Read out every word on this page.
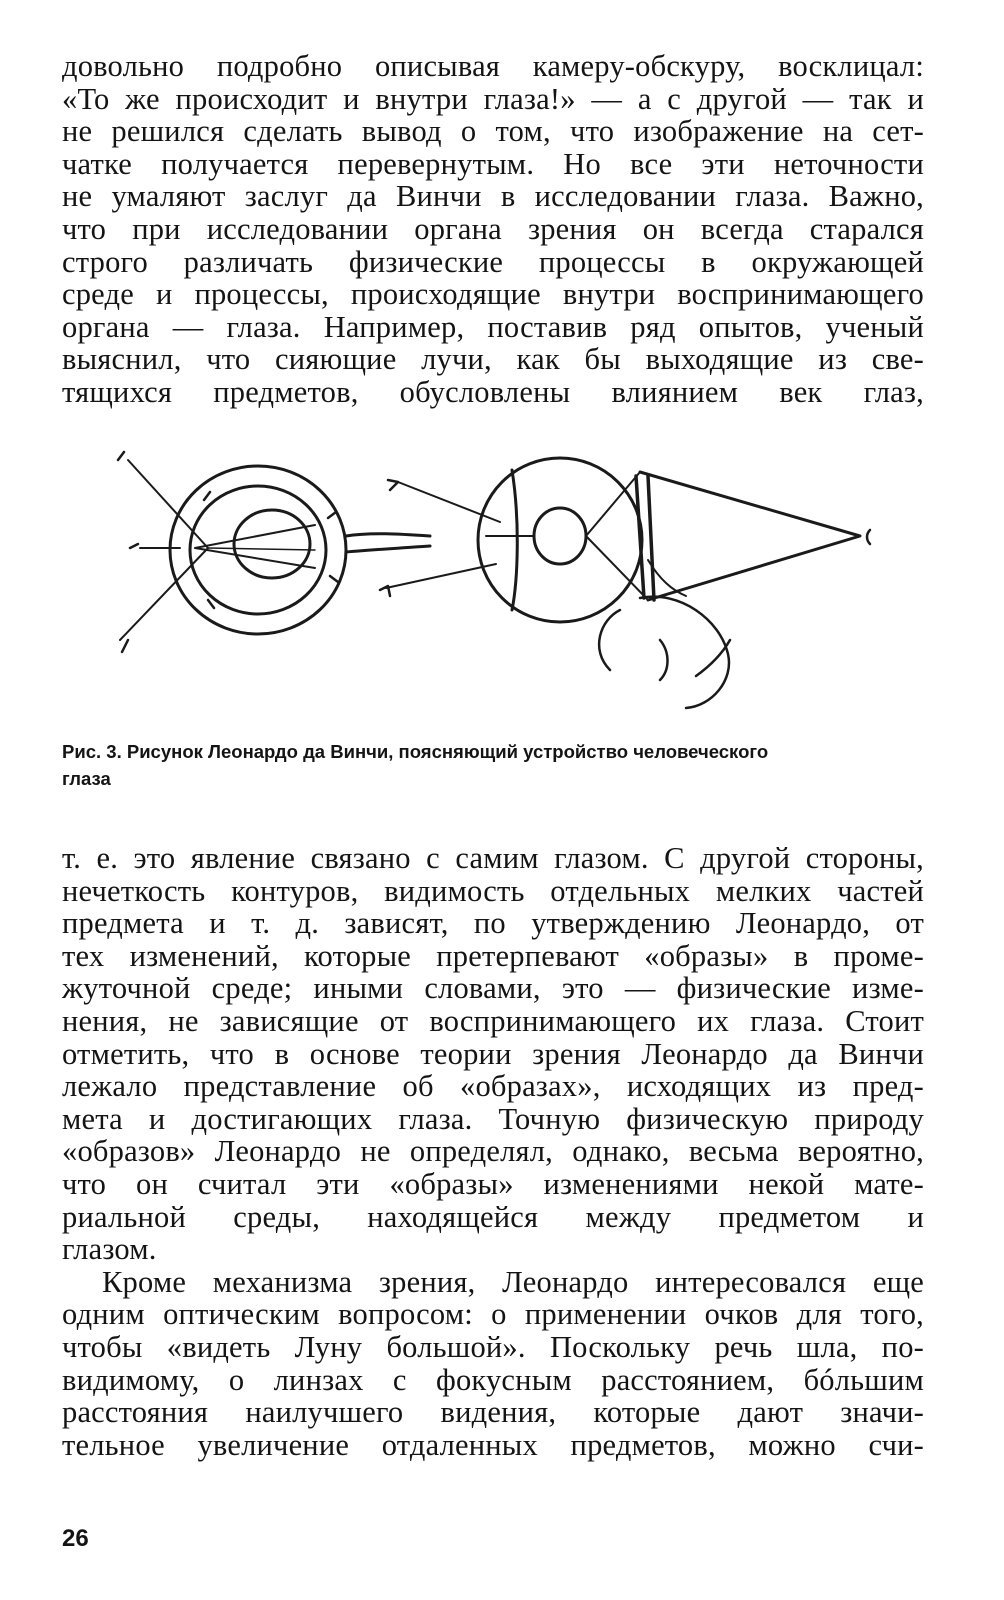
довольно подробно описывая камеру-обскуру, восклицал:
«То же происходит и внутри глаза!» — а с другой — так и
не решился сделать вывод о том, что изображение на сет-
чатке получается перевернутым. Но все эти неточности
не умаляют заслуг да Винчи в исследовании глаза. Важно,
что при исследовании органа зрения он всегда старался
строго различать физические процессы в окружающей
среде и процессы, происходящие внутри воспринимающего
органа — глаза. Например, поставив ряд опытов, ученый
выяснил, что сияющие лучи, как бы выходящие из све-
тящихся предметов, обусловлены влиянием век глаз,
Рис. 3. Рисунок Леонардо да Винчи, поясняющий устройство человеческого
глаза
т. е. это явление связано с самим глазом. С другой стороны,
нечеткость контуров, видимость отдельных мелких частей
предмета и т. д. зависят, по утверждению Леонардо, от
тех изменений, которые претерпевают «образы» в проме-
жуточной среде; иными словами, это — физические изме-
нения, не зависящие от воспринимающего их глаза. Стоит
отметить, что в основе теории зрения Леонардо да Винчи
лежало представление об «образах», исходящих из пред-
мета и достигающих глаза. Точную физическую природу
«образов» Леонардо не определял, однако, весьма вероятно,
что он считал эти «образы» изменениями некой мате-
риальной среды, находящейся между предметом и
глазом.
Кроме механизма зрения, Леонардо интересовался еще
одним оптическим вопросом: о применении очков для того,
чтобы «видеть Луну большой». Поскольку речь шла, по-
видимому, о линзах с фокусным расстоянием, бóльшим
расстояния наилучшего видения, которые дают значи-
тельное увеличение отдаленных предметов, можно счи-
26
